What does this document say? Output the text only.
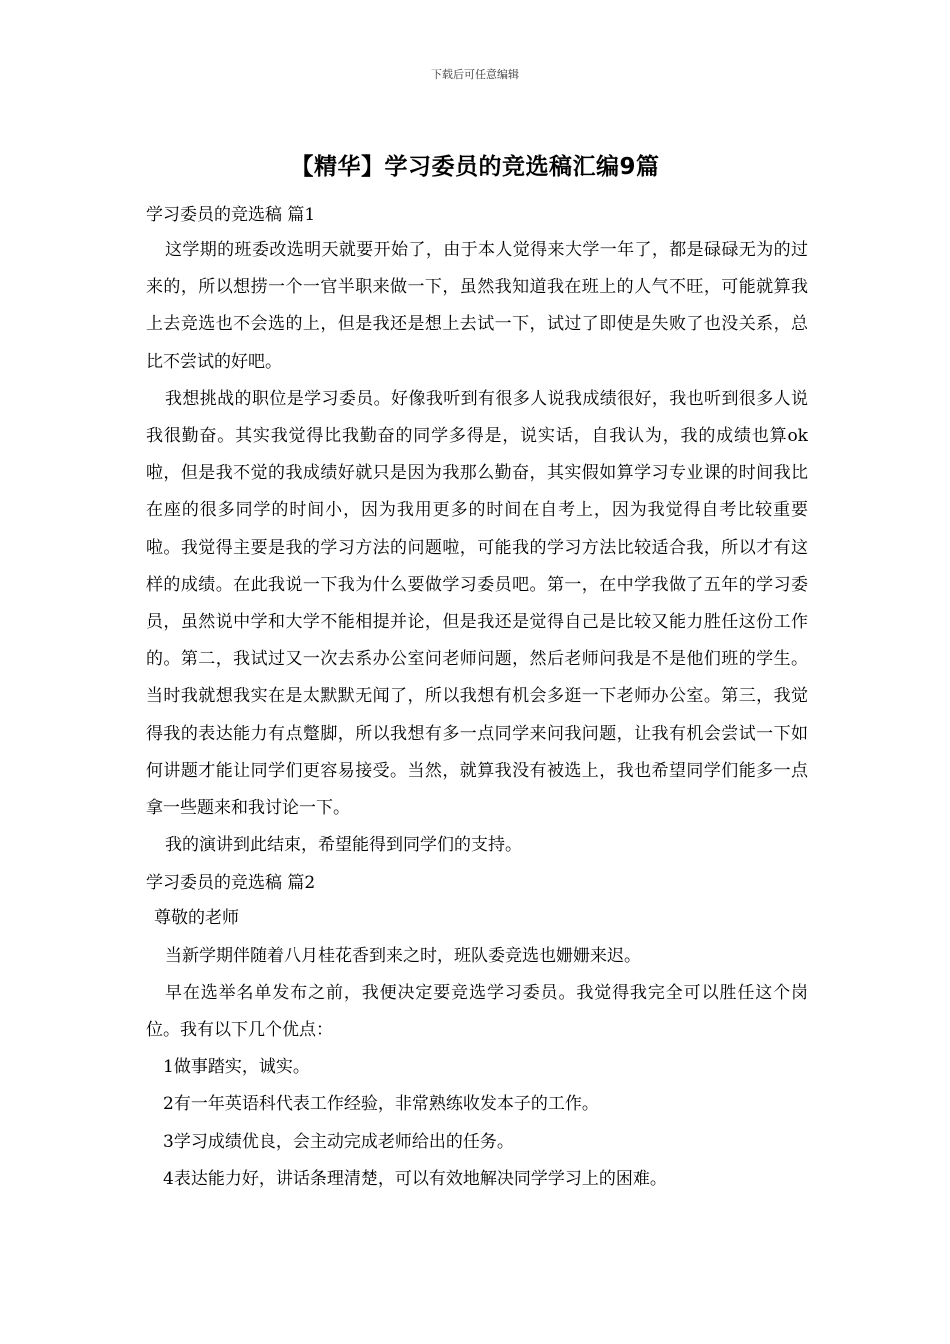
下载后可任意编辑
【精华】学习委员的竞选稿汇编9篇

学习委员的竞选稿 篇1

这学期的班委改选明天就要开始了，由于本人觉得来大学一年了，都是碌碌无为的过来的，所以想捞一个一官半职来做一下，虽然我知道我在班上的人气不旺，可能就算我上去竞选也不会选的上，但是我还是想上去试一下，试过了即使是失败了也没关系，总比不尝试的好吧。

我想挑战的职位是学习委员。好像我听到有很多人说我成绩很好，我也听到很多人说我很勤奋。其实我觉得比我勤奋的同学多得是，说实话，自我认为，我的成绩也算ok啦，但是我不觉的我成绩好就只是因为我那么勤奋，其实假如算学习专业课的时间我比在座的很多同学的时间小，因为我用更多的时间在自考上，因为我觉得自考比较重要啦。我觉得主要是我的学习方法的问题啦，可能我的学习方法比较适合我，所以才有这样的成绩。在此我说一下我为什么要做学习委员吧。第一，在中学我做了五年的学习委员，虽然说中学和大学不能相提并论，但是我还是觉得自己是比较又能力胜任这份工作的。第二，我试过又一次去系办公室问老师问题，然后老师问我是不是他们班的学生。当时我就想我实在是太默默无闻了，所以我想有机会多逛一下老师办公室。第三，我觉得我的表达能力有点蹩脚，所以我想有多一点同学来问我问题，让我有机会尝试一下如何讲题才能让同学们更容易接受。当然，就算我没有被选上，我也希望同学们能多一点拿一些题来和我讨论一下。

我的演讲到此结束，希望能得到同学们的支持。

学习委员的竞选稿 篇2

尊敬的老师

当新学期伴随着八月桂花香到来之时，班队委竞选也姗姗来迟。

早在选举名单发布之前，我便决定要竞选学习委员。我觉得我完全可以胜任这个岗位。我有以下几个优点：

1做事踏实，诚实。

2有一年英语科代表工作经验，非常熟练收发本子的工作。

3学习成绩优良，会主动完成老师给出的任务。

4表达能力好，讲话条理清楚，可以有效地解决同学学习上的困难。
